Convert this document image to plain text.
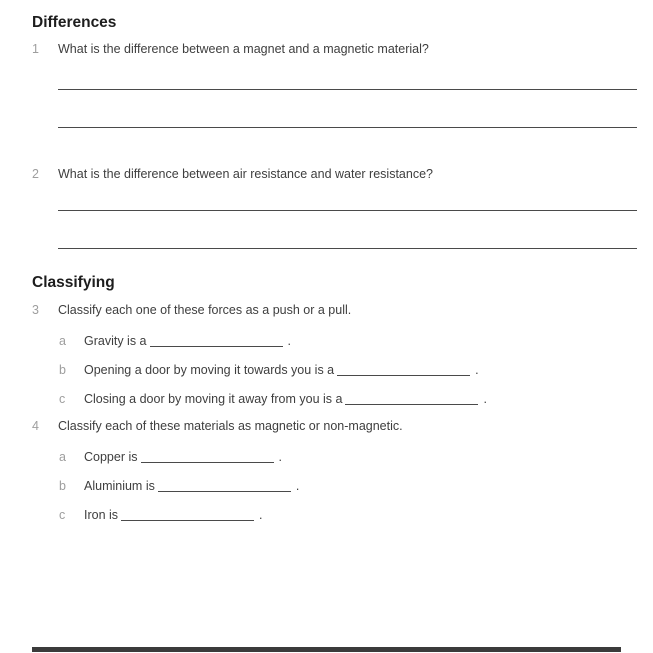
Differences
1 What is the difference between a magnet and a magnetic material?
2 What is the difference between air resistance and water resistance?
Classifying
3 Classify each one of these forces as a push or a pull.
a Gravity is a	.
b Opening a door by moving it towards you is a	.
c Closing a door by moving it away from you is a	.
4 Classify each of these materials as magnetic or non-magnetic.
a Copper is	.
b Aluminium is	.
c Iron is	.
